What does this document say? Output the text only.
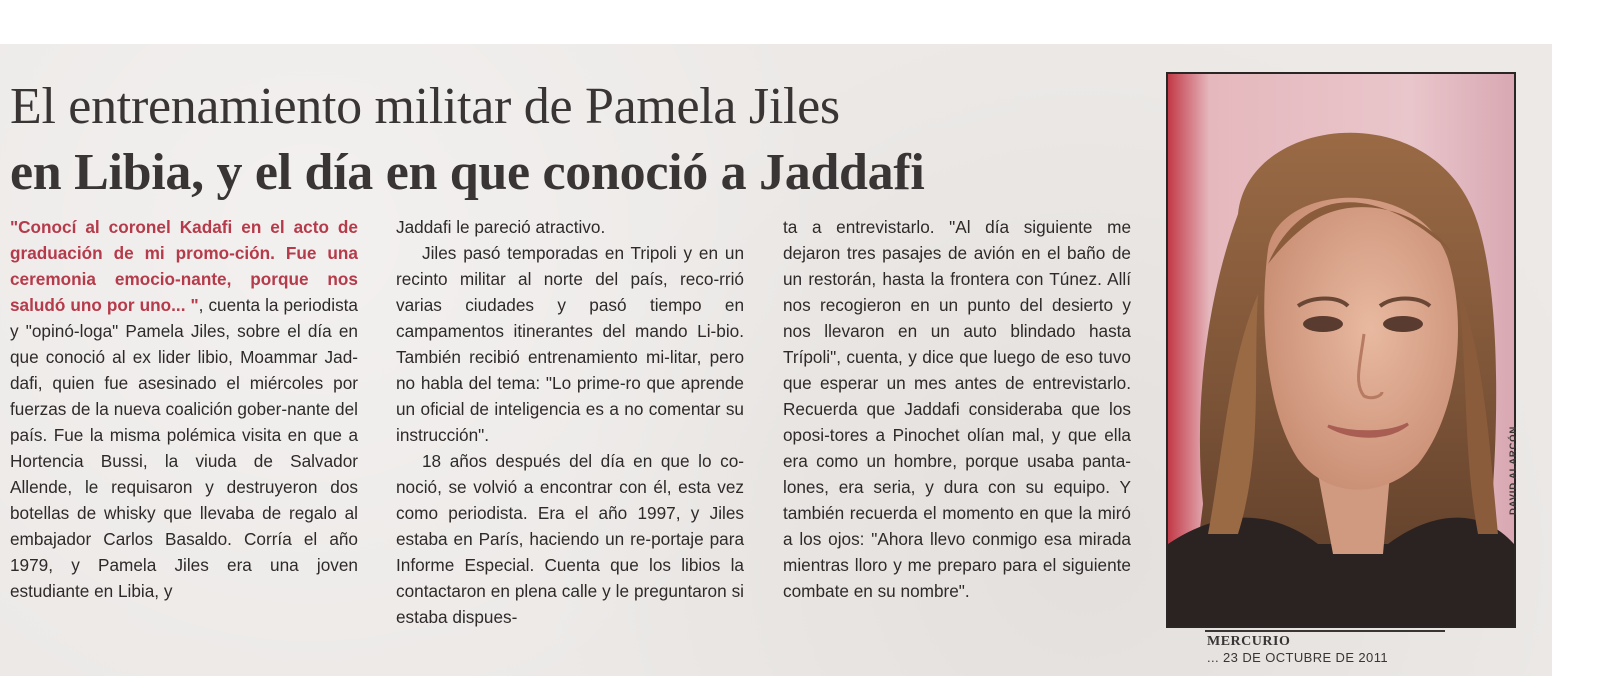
El entrenamiento militar de Pamela Jiles
en Libia, y el día en que conoció a Jaddafi

"Conocí al coronel Kadafi en el acto de graduación de mi promo-ción. Fue una ceremonia emocio-nante, porque nos saludó uno por uno... ", cuenta la periodista y "opinó-loga" Pamela Jiles, sobre el día en que conoció al ex lider libio, Moammar Jad-dafi, quien fue asesinado el miércoles por fuerzas de la nueva coalición gober-nante del país. Fue la misma polémica visita en que a Hortencia Bussi, la viuda de Salvador Allende, le requisaron y destruyeron dos botellas de whisky que llevaba de regalo al embajador Carlos Basaldo. Corría el año 1979, y Pamela Jiles era una joven estudiante en Libia, y

Jaddafi le pareció atractivo.

Jiles pasó temporadas en Tripoli y en un recinto militar al norte del país, reco-rrió varias ciudades y pasó tiempo en campamentos itinerantes del mando Li-bio. También recibió entrenamiento mi-litar, pero no habla del tema: "Lo prime-ro que aprende un oficial de inteligencia es a no comentar su instrucción".

18 años después del día en que lo co-noció, se volvió a encontrar con él, esta vez como periodista. Era el año 1997, y Jiles estaba en París, haciendo un re-portaje para Informe Especial. Cuenta que los libios la contactaron en plena calle y le preguntaron si estaba dispues-

ta a entrevistarlo. "Al día siguiente me dejaron tres pasajes de avión en el baño de un restorán, hasta la frontera con Túnez. Allí nos recogieron en un punto del desierto y nos llevaron en un auto blindado hasta Trípoli", cuenta, y dice que luego de eso tuvo que esperar un mes antes de entrevistarlo. Recuerda que Jaddafi consideraba que los oposi-tores a Pinochet olían mal, y que ella era como un hombre, porque usaba panta-lones, era seria, y dura con su equipo. Y también recuerda el momento en que la miró a los ojos: "Ahora llevo conmigo esa mirada mientras lloro y me preparo para el siguiente combate en su nombre".

DAVID ALARCÓN
MERCURIO
... 23 DE OCTUBRE DE 2011
